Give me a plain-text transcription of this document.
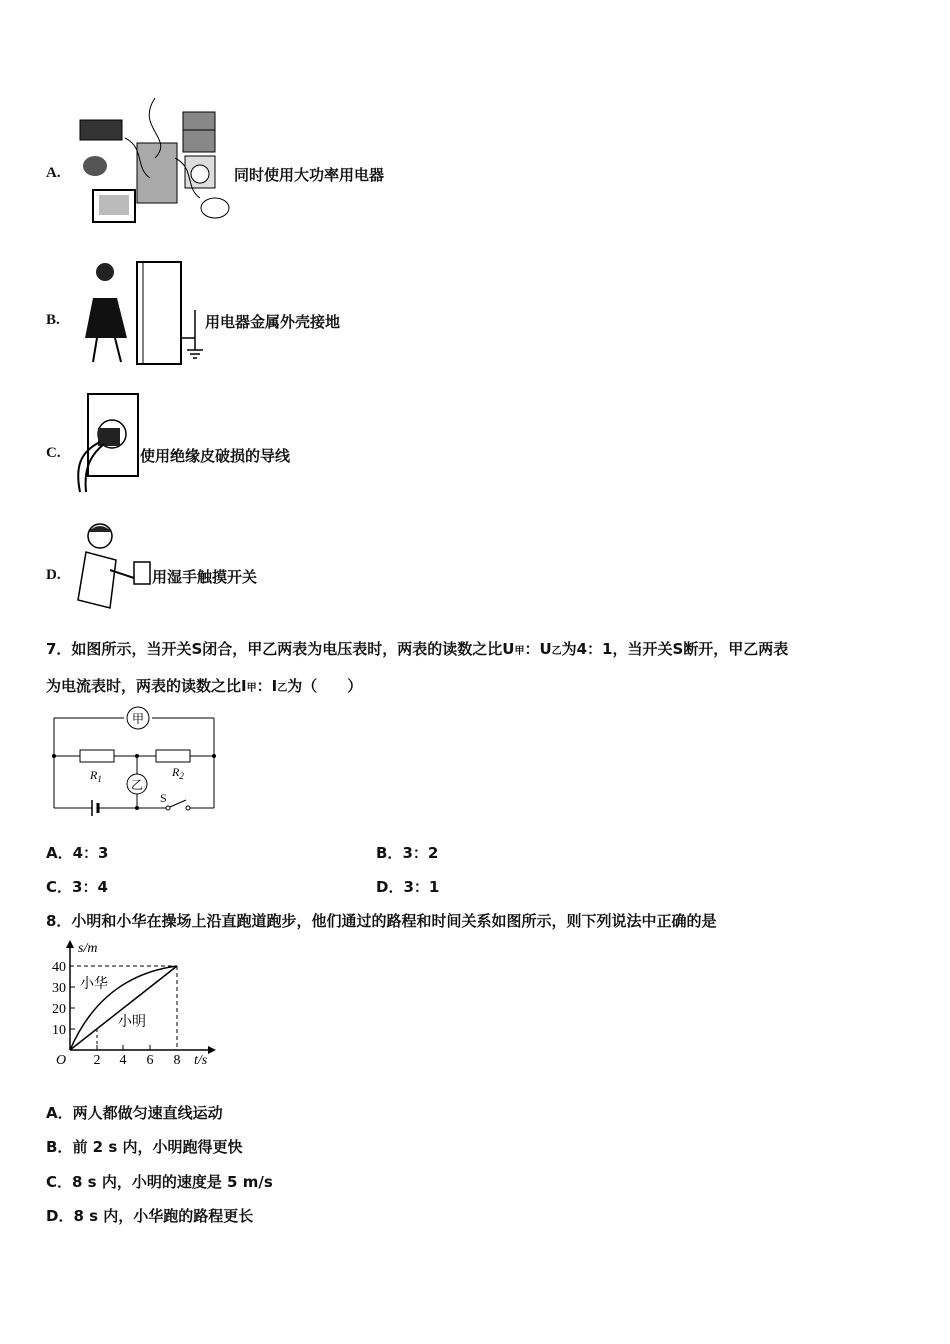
A.	同时使用大功率用电器
B.	用电器金属外壳接地
C.	使用绝缘皮破损的导线
D.	用湿手触摸开关
7．如图所示，当开关S闭合，甲乙两表为电压表时，两表的读数之比U甲：U乙为4：1，当开关S断开，甲乙两表
为电流表时，两表的读数之比I甲：I乙为（　　）
甲
$R_1$	$R_2$
乙
S
A．4：3	B．3：2
C．3：4	D．3：1
8．小明和小华在操场上沿直跑道跑步，他们通过的路程和时间关系如图所示，则下列说法中正确的是
s/m
t/s
O
10
20
30
40
2 4 6 8
小华
小明
A．两人都做匀速直线运动
B．前 2 s 内，小明跑得更快
C．8 s 内，小明的速度是 5 m/s
D．8 s 内，小华跑的路程更长
